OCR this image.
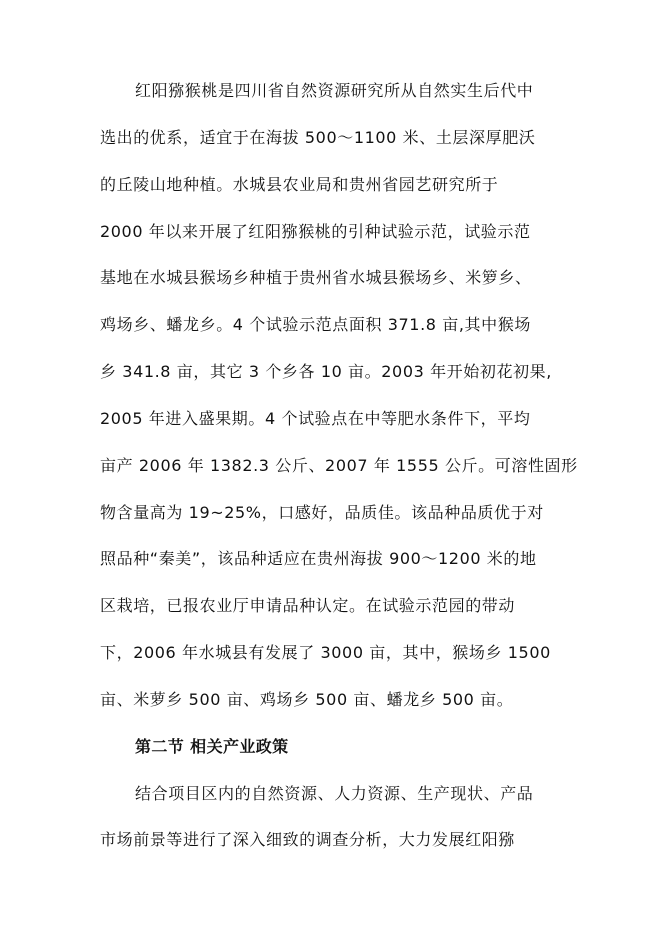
红阳猕猴桃是四川省自然资源研究所从自然实生后代中
选出的优系，适宜于在海拔 500～1100 米、土层深厚肥沃
的丘陵山地种植。水城县农业局和贵州省园艺研究所于
2000 年以来开展了红阳猕猴桃的引种试验示范，试验示范
基地在水城县猴场乡种植于贵州省水城县猴场乡、米箩乡、
鸡场乡、蟠龙乡。4 个试验示范点面积 371.8 亩,其中猴场
乡 341.8 亩，其它 3 个乡各 10 亩。2003 年开始初花初果,
2005 年进入盛果期。4 个试验点在中等肥水条件下，平均
亩产 2006 年 1382.3 公斤、2007 年 1555 公斤。可溶性固形
物含量高为 19~25%，口感好，品质佳。该品种品质优于对
照品种“秦美”，该品种适应在贵州海拔 900～1200 米的地
区栽培，已报农业厅申请品种认定。在试验示范园的带动
下，2006 年水城县有发展了 3000 亩，其中，猴场乡 1500
亩、米萝乡 500 亩、鸡场乡 500 亩、蟠龙乡 500 亩。
第二节 相关产业政策
结合项目区内的自然资源、人力资源、生产现状、产品
市场前景等进行了深入细致的调查分析，大力发展红阳猕
